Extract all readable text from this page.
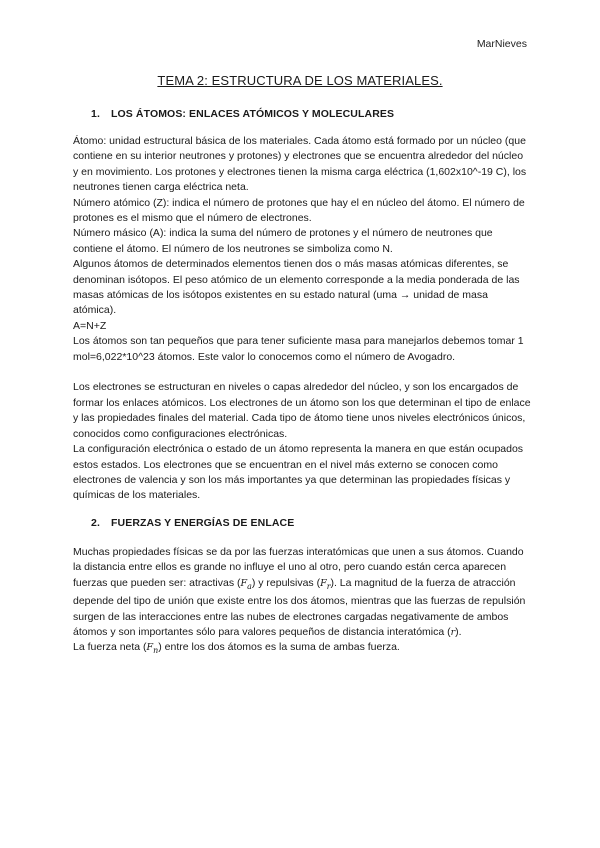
MarNieves
TEMA 2: ESTRUCTURA DE LOS MATERIALES.
1. LOS ÁTOMOS: ENLACES ATÓMICOS Y MOLECULARES

Átomo: unidad estructural básica de los materiales. Cada átomo está formado por un núcleo (que contiene en su interior neutrones y protones) y electrones que se encuentra alrededor del núcleo y en movimiento. Los protones y electrones tienen la misma carga eléctrica (1,602x10^-19 C), los neutrones tienen carga eléctrica neta.

Número atómico (Z): indica el número de protones que hay el en núcleo del átomo. El número de protones es el mismo que el número de electrones.

Número másico (A): indica la suma del número de protones y el número de neutrones que contiene el átomo. El número de los neutrones se simboliza como N.

Algunos átomos de determinados elementos tienen dos o más masas atómicas diferentes, se denominan isótopos. El peso atómico de un elemento corresponde a la media ponderada de las masas atómicas de los isótopos existentes en su estado natural (uma → unidad de masa atómica).

A=N+Z

Los átomos son tan pequeños que para tener suficiente masa para manejarlos debemos tomar 1 mol=6,022*10^23 átomos. Este valor lo conocemos como el número de Avogadro.

Los electrones se estructuran en niveles o capas alrededor del núcleo, y son los encargados de formar los enlaces atómicos. Los electrones de un átomo son los que determinan el tipo de enlace y las propiedades finales del material. Cada tipo de átomo tiene unos niveles electrónicos únicos, conocidos como configuraciones electrónicas.

La configuración electrónica o estado de un átomo representa la manera en que están ocupados estos estados. Los electrones que se encuentran en el nivel más externo se conocen como electrones de valencia y son los más importantes ya que determinan las propiedades físicas y químicas de los materiales.

2. FUERZAS Y ENERGÍAS DE ENLACE

Muchas propiedades físicas se da por las fuerzas interatómicas que unen a sus átomos. Cuando la distancia entre ellos es grande no influye el uno al otro, pero cuando están cerca aparecen fuerzas que pueden ser: atractivas $(F_a)$ y repulsivas $(F_r)$. La magnitud de la fuerza de atracción depende del tipo de unión que existe entre los dos átomos, mientras que las fuerzas de repulsión surgen de las interacciones entre las nubes de electrones cargadas negativamente de ambos átomos y son importantes sólo para valores pequeños de distancia interatómica (r).

La fuerza neta $(F_n)$ entre los dos átomos es la suma de ambas fuerza.
